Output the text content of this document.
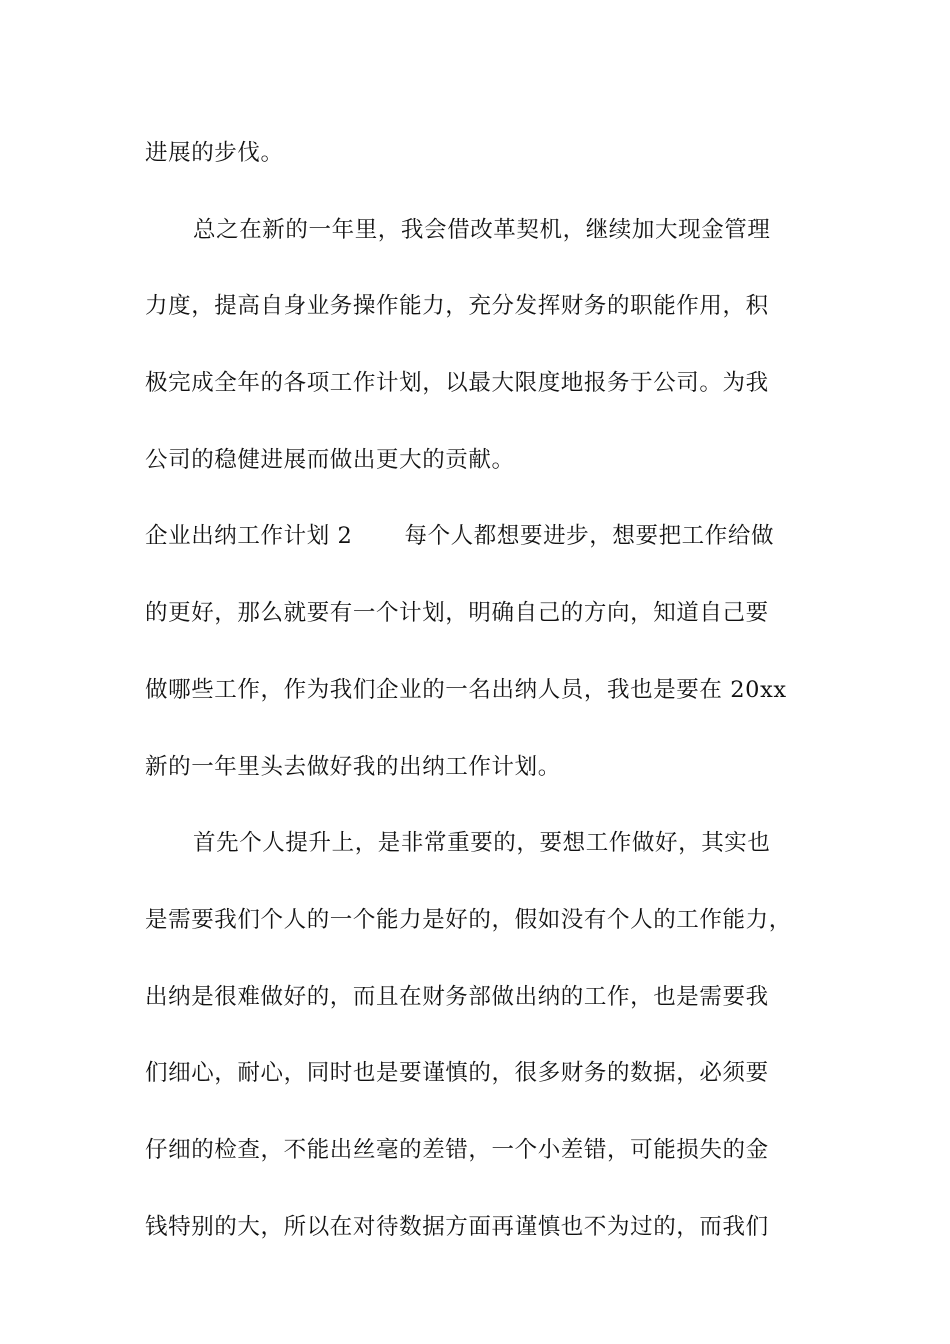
进展的步伐。
总之在新的一年里，我会借改革契机，继续加大现金管理
力度，提高自身业务操作能力，充分发挥财务的职能作用，积
极完成全年的各项工作计划，以最大限度地报务于公司。为我
公司的稳健进展而做出更大的贡献。
企业出纳工作计划 2 每个人都想要进步，想要把工作给做
的更好，那么就要有一个计划，明确自己的方向，知道自己要
做哪些工作，作为我们企业的一名出纳人员，我也是要在 20xx
新的一年里头去做好我的出纳工作计划。
首先个人提升上，是非常重要的，要想工作做好，其实也
是需要我们个人的一个能力是好的，假如没有个人的工作能力，
出纳是很难做好的，而且在财务部做出纳的工作，也是需要我
们细心，耐心，同时也是要谨慎的，很多财务的数据，必须要
仔细的检查，不能出丝毫的差错，一个小差错，可能损失的金
钱特别的大，所以在对待数据方面再谨慎也不为过的，而我们
